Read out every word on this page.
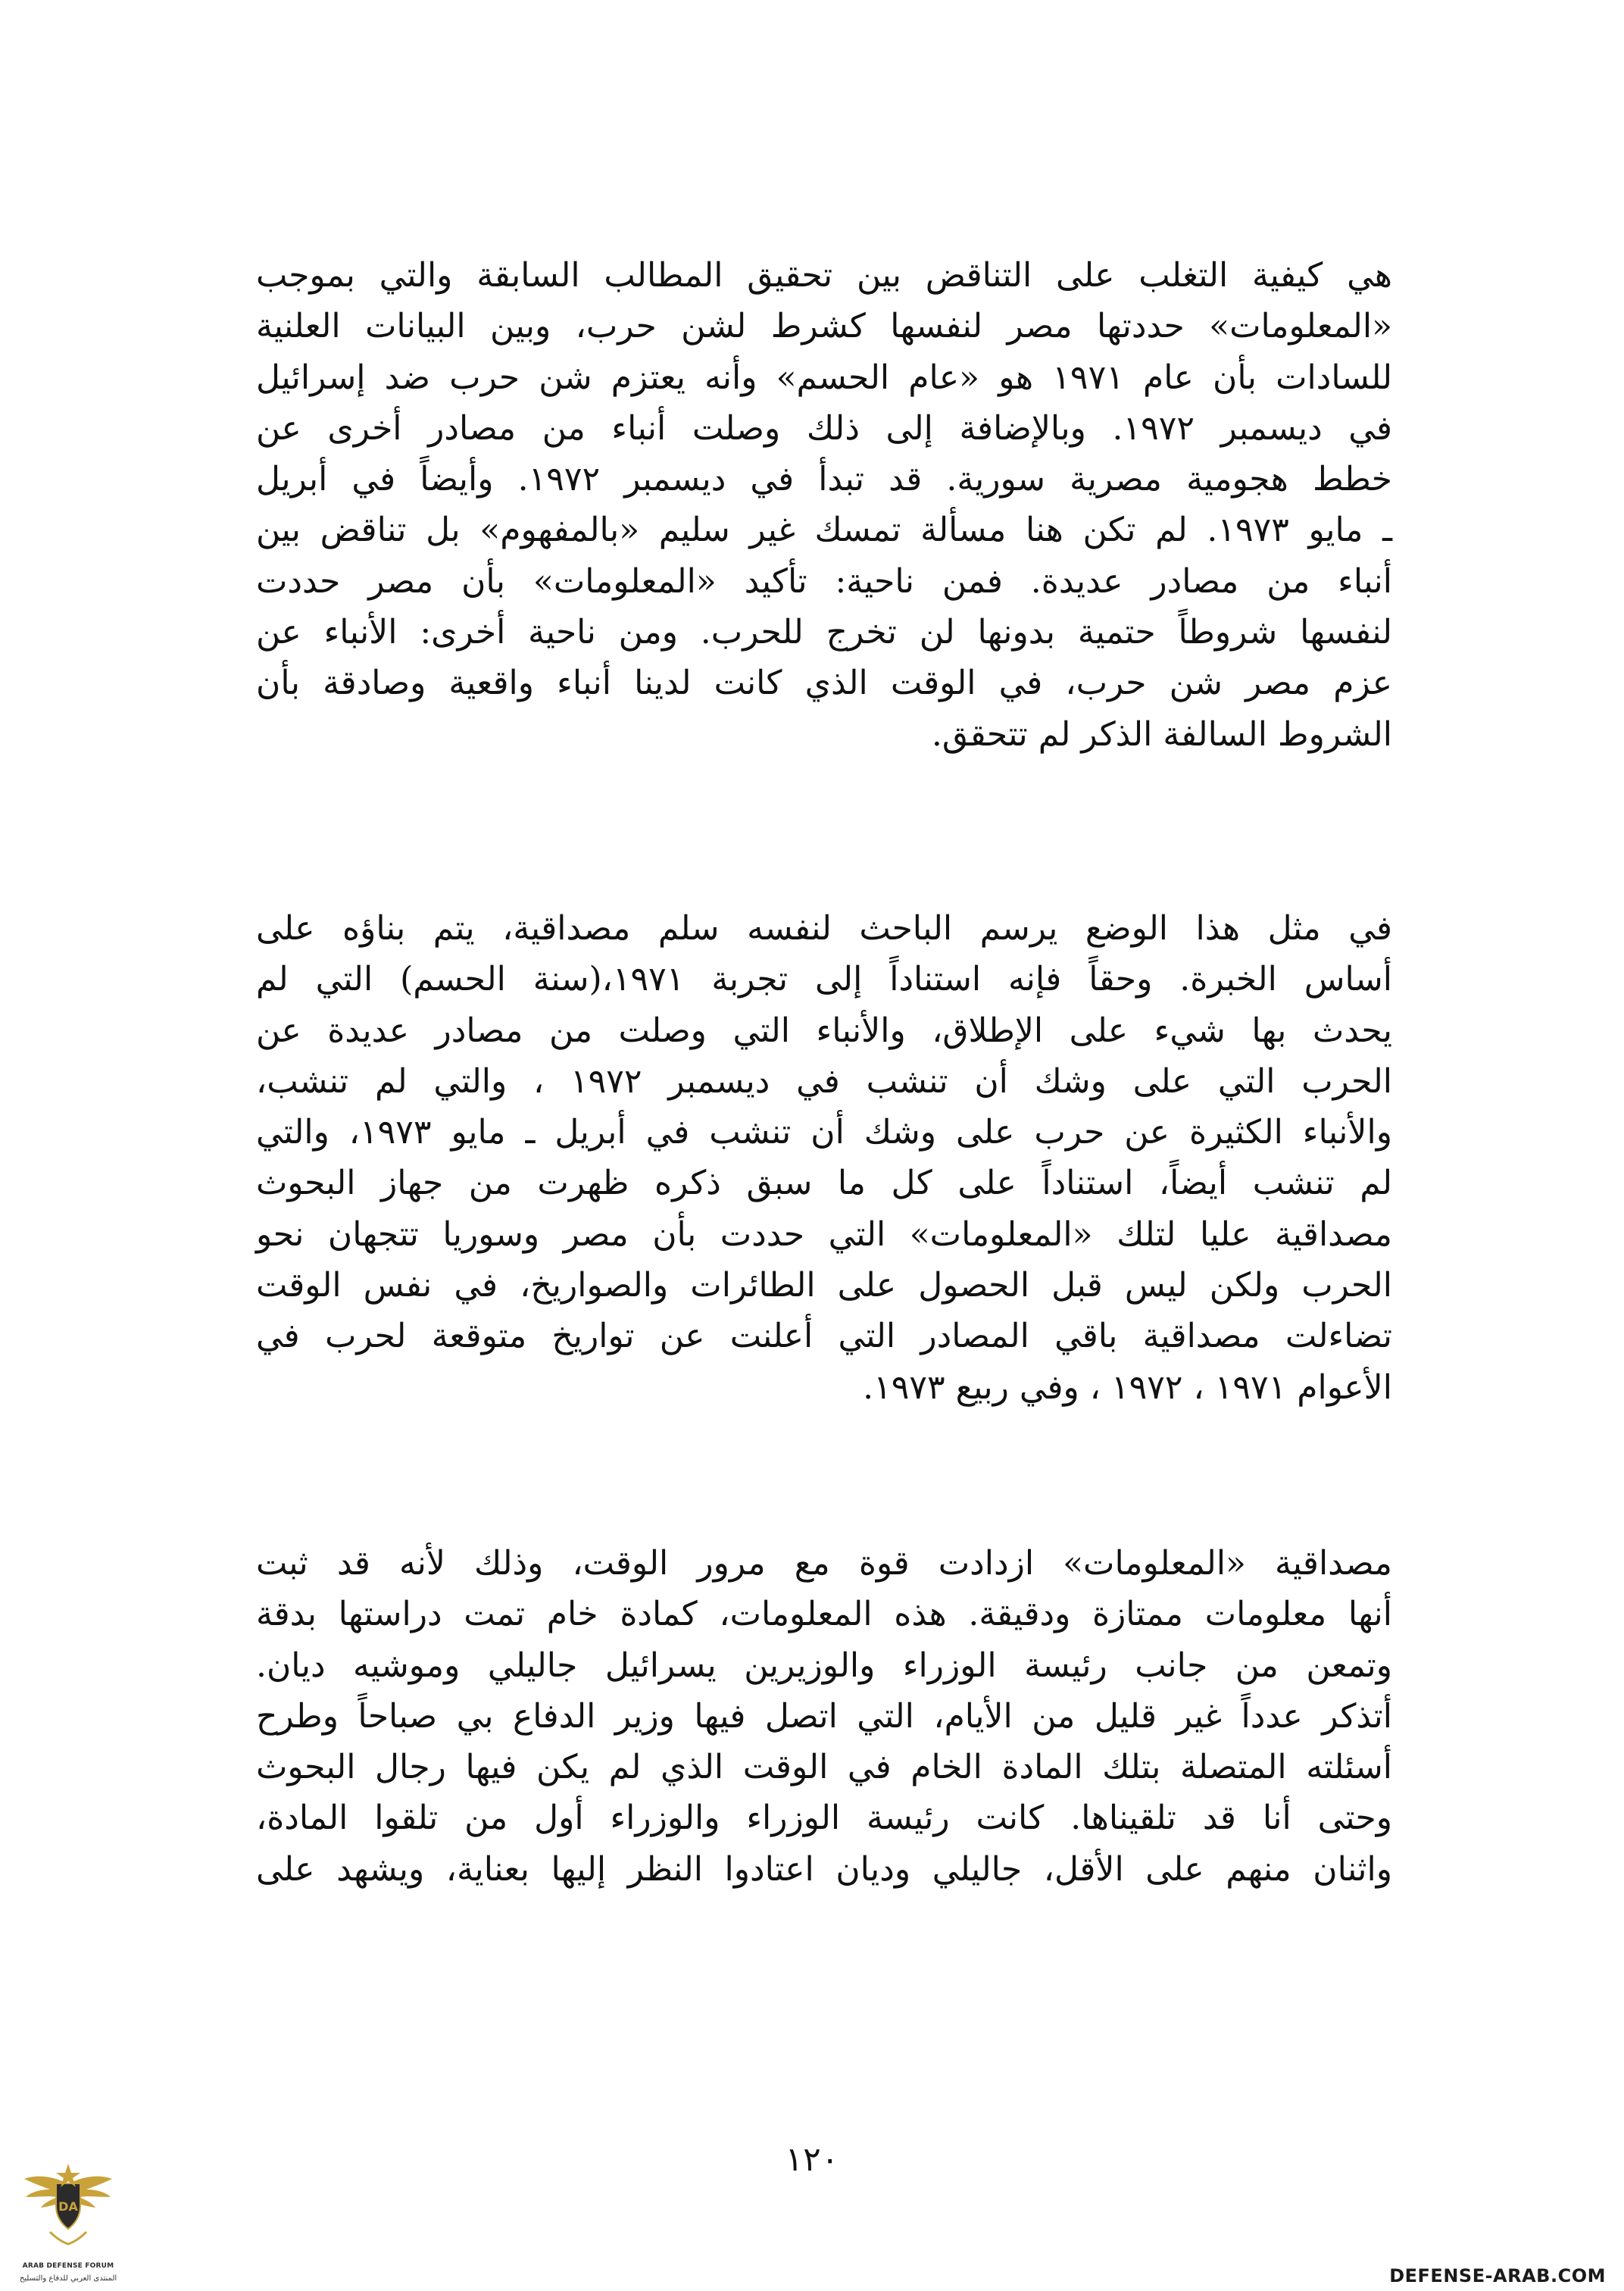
هي كيفية التغلب على التناقض بين تحقيق المطالب السابقة والتي بموجب
«المعلومات» حددتها مصر لنفسها كشرط لشن حرب، وبين البيانات العلنية
للسادات بأن عام ١٩٧١ هو «عام الحسم» وأنه يعتزم شن حرب ضد إسرائيل
في ديسمبر ١٩٧٢. وبالإضافة إلى ذلك وصلت أنباء من مصادر أخرى عن
خطط هجومية مصرية سورية. قد تبدأ في ديسمبر ١٩٧٢. وأيضاً في أبريل
ـ مايو ١٩٧٣. لم تكن هنا مسألة تمسك غير سليم «بالمفهوم» بل تناقض بين
أنباء من مصادر عديدة. فمن ناحية: تأكيد «المعلومات» بأن مصر حددت
لنفسها شروطاً حتمية بدونها لن تخرج للحرب. ومن ناحية أخرى: الأنباء عن
عزم مصر شن حرب، في الوقت الذي كانت لدينا أنباء واقعية وصادقة بأن
الشروط السالفة الذكر لم تتحقق.
في مثل هذا الوضع يرسم الباحث لنفسه سلم مصداقية، يتم بناؤه على
أساس الخبرة. وحقاً فإنه استناداً إلى تجربة ١٩٧١،(سنة الحسم) التي لم
يحدث بها شيء على الإطلاق، والأنباء التي وصلت من مصادر عديدة عن
الحرب التي على وشك أن تنشب في ديسمبر ١٩٧٢ ، والتي لم تنشب،
والأنباء الكثيرة عن حرب على وشك أن تنشب في أبريل ـ مايو ١٩٧٣، والتي
لم تنشب أيضاً، استناداً على كل ما سبق ذكره ظهرت من جهاز البحوث
مصداقية عليا لتلك «المعلومات» التي حددت بأن مصر وسوريا تتجهان نحو
الحرب ولكن ليس قبل الحصول على الطائرات والصواريخ، في نفس الوقت
تضاءلت مصداقية باقي المصادر التي أعلنت عن تواريخ متوقعة لحرب في
الأعوام ١٩٧١ ، ١٩٧٢ ، وفي ربيع ١٩٧٣.
مصداقية «المعلومات» ازدادت قوة مع مرور الوقت، وذلك لأنه قد ثبت
أنها معلومات ممتازة ودقيقة. هذه المعلومات، كمادة خام تمت دراستها بدقة
وتمعن من جانب رئيسة الوزراء والوزيرين يسرائيل جاليلي وموشيه ديان.
أتذكر عدداً غير قليل من الأيام، التي اتصل فيها وزير الدفاع بي صباحاً وطرح
أسئلته المتصلة بتلك المادة الخام في الوقت الذي لم يكن فيها رجال البحوث
وحتى أنا قد تلقيناها. كانت رئيسة الوزراء والوزراء أول من تلقوا المادة،
واثنان منهم على الأقل، جاليلي وديان اعتادوا النظر إليها بعناية، ويشهد على
١٢٠
DA
ARAB DEFENSE FORUM
المنتدى العربي للدفاع والتسليح	DEFENSE-ARAB.COM
